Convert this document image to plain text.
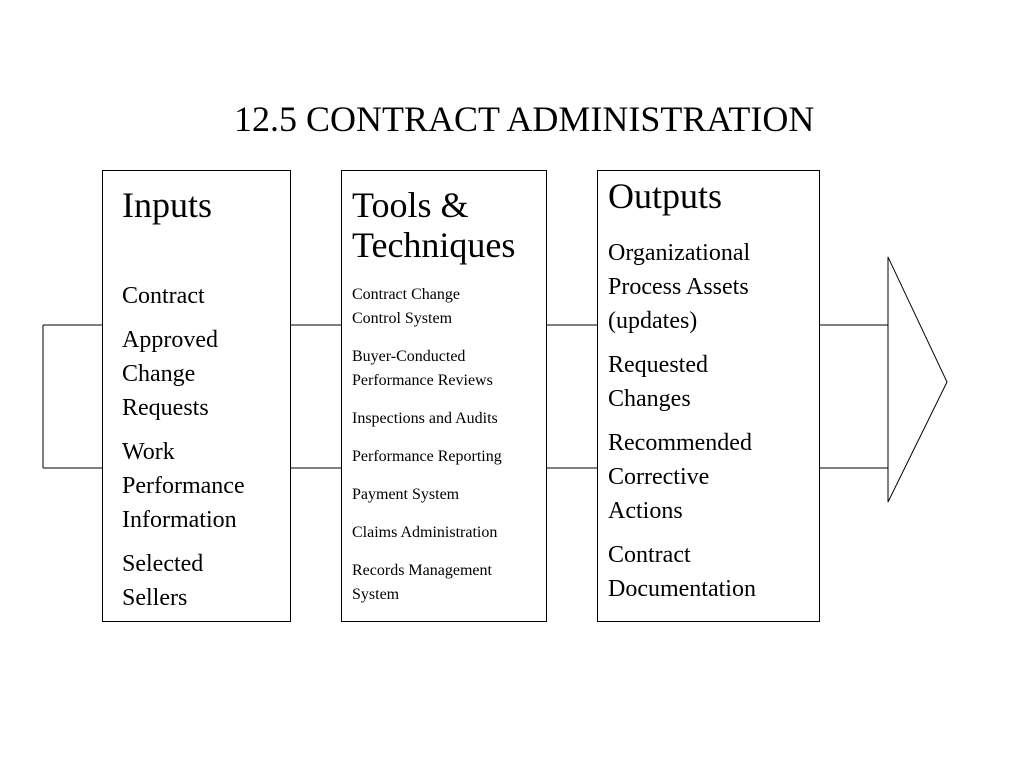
12.5 CONTRACT ADMINISTRATION
Inputs
Contract
Approved
Change
Requests
Work
Performance
Information
Selected
Sellers
Tools &
Techniques
Contract Change
Control System
Buyer-Conducted
Performance Reviews
Inspections and Audits
Performance Reporting
Payment System
Claims Administration
Records Management
System
Outputs
Organizational
Process Assets
(updates)
Requested
Changes
Recommended
Corrective
Actions
Contract
Documentation
